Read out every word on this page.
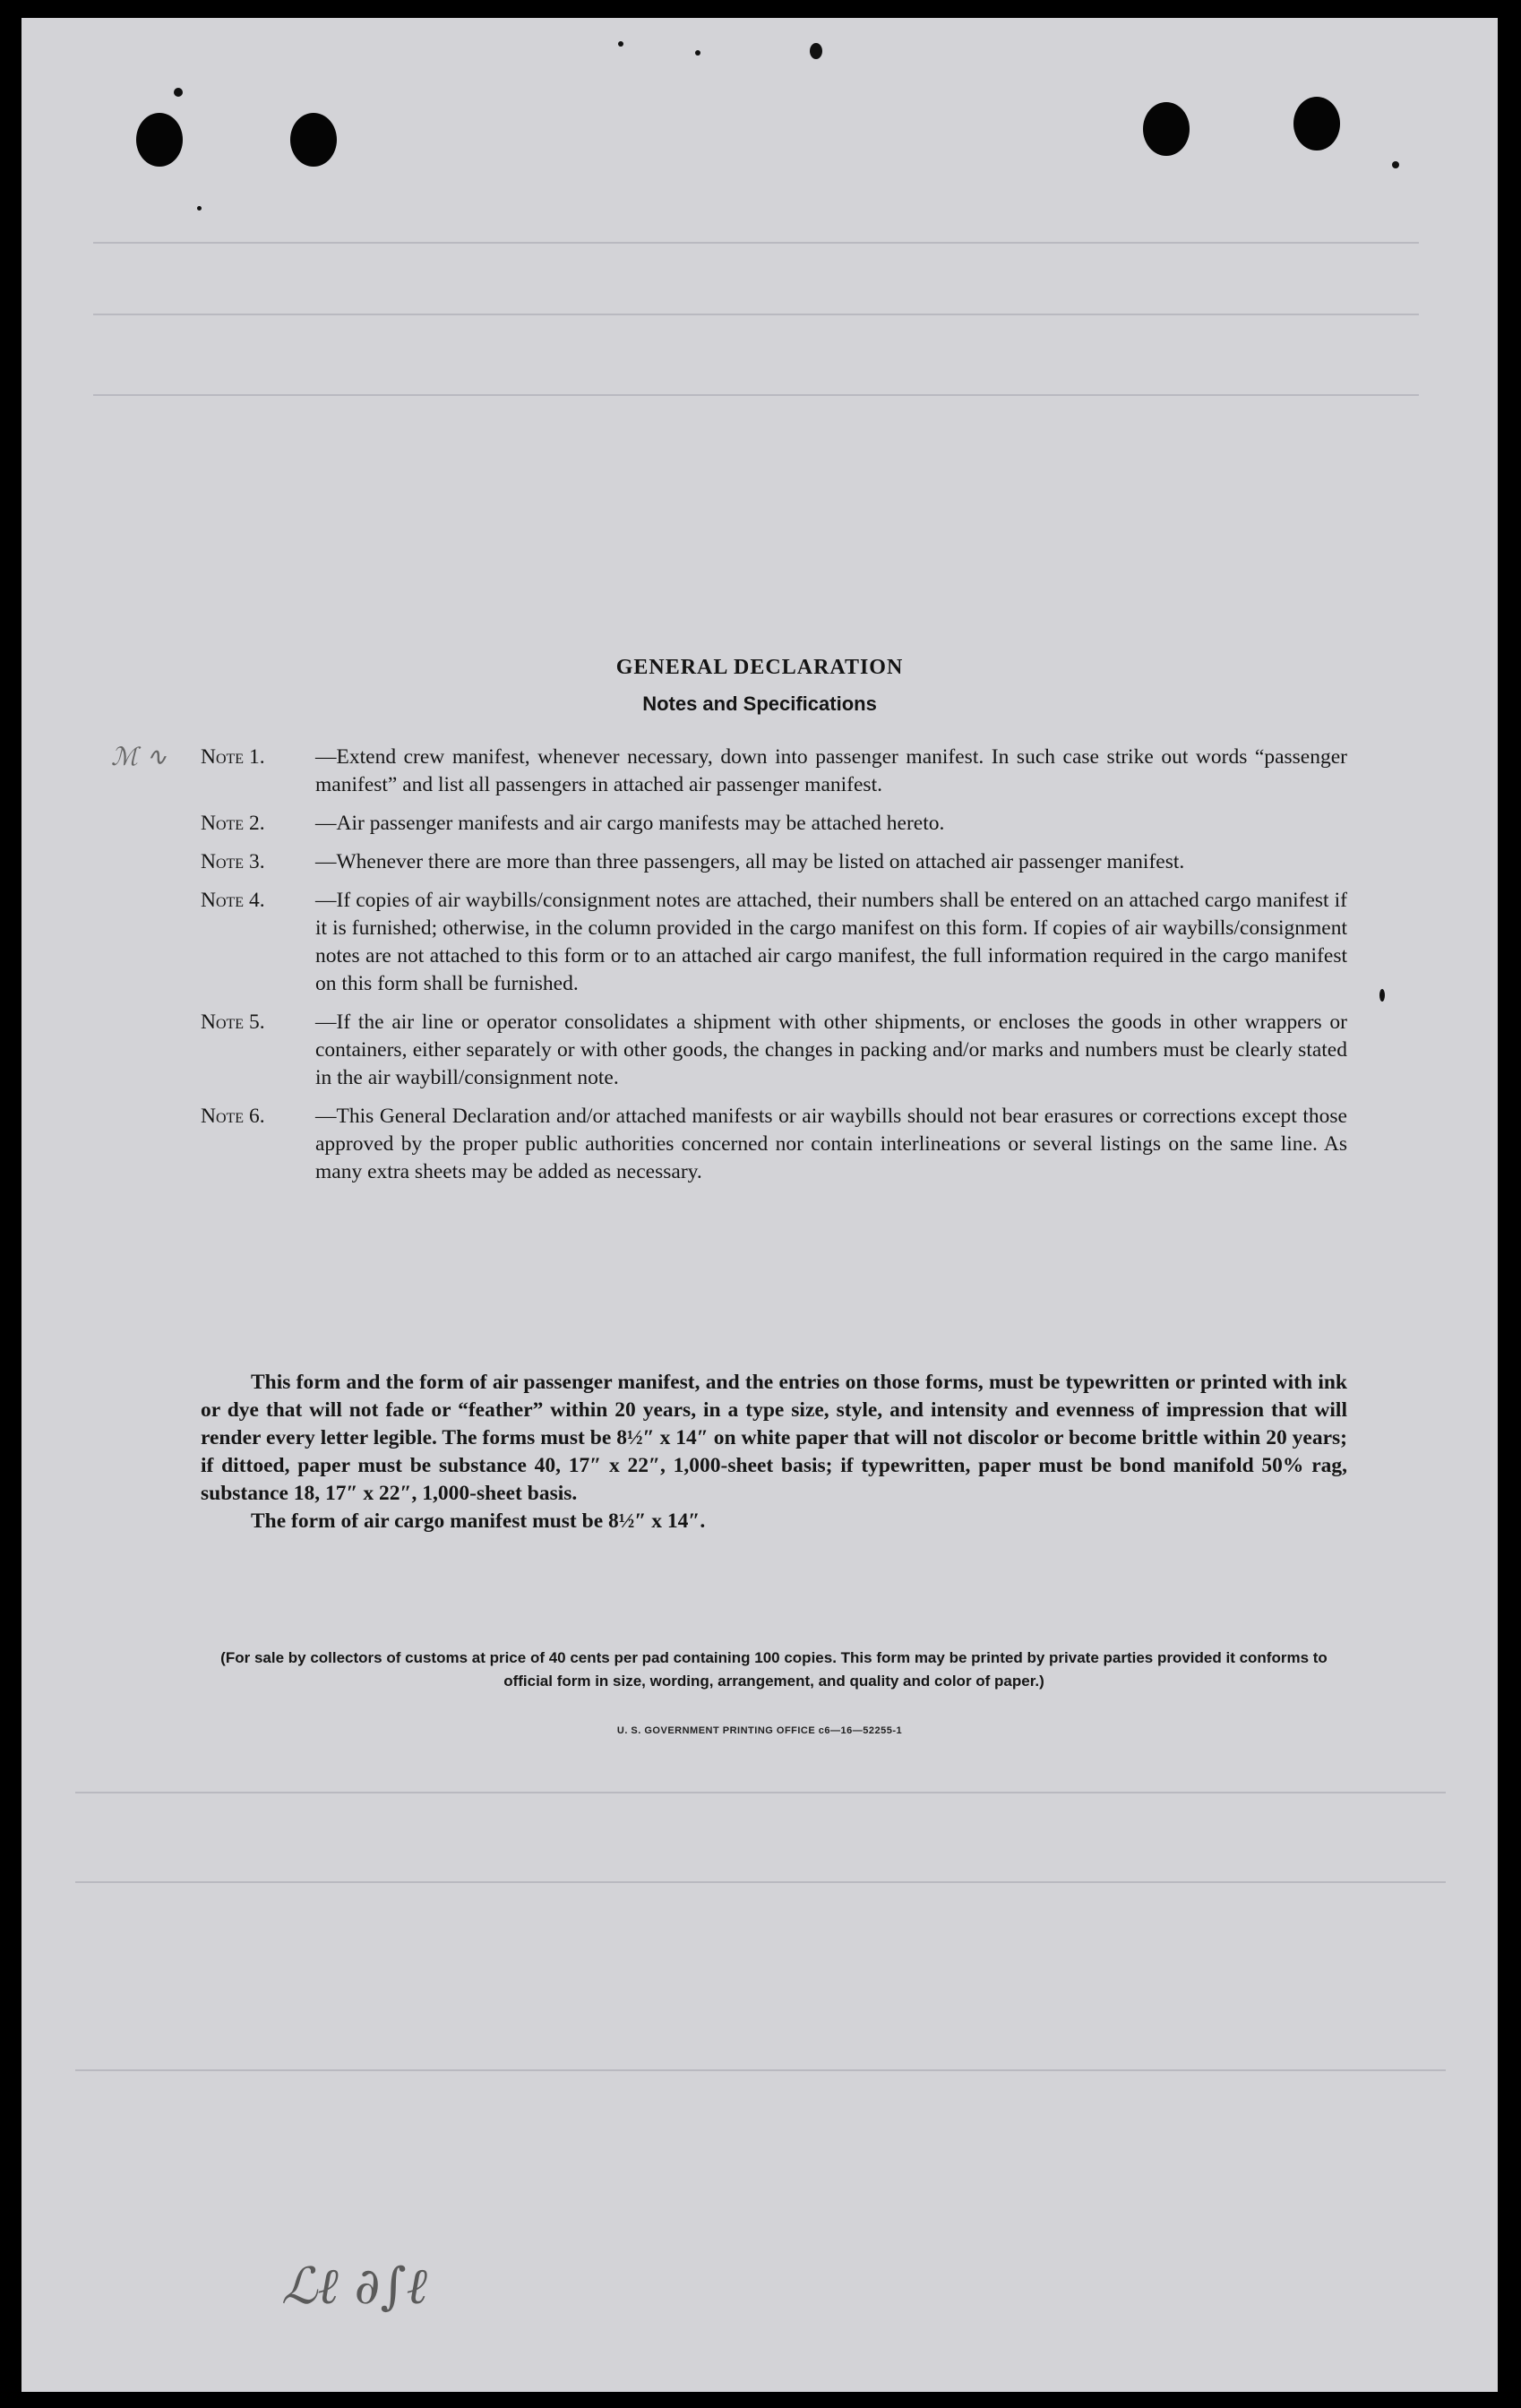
GENERAL DECLARATION
Notes and Specifications
Note 1. —Extend crew manifest, whenever necessary, down into passenger manifest. In such case strike out words “passenger manifest” and list all passengers in attached air passenger manifest.
Note 2. —Air passenger manifests and air cargo manifests may be attached hereto.
Note 3. —Whenever there are more than three passengers, all may be listed on attached air passenger manifest.
Note 4. —If copies of air waybills/consignment notes are attached, their numbers shall be entered on an attached cargo manifest if it is furnished; otherwise, in the column provided in the cargo manifest on this form. If copies of air waybills/consignment notes are not attached to this form or to an attached air cargo manifest, the full information required in the cargo manifest on this form shall be furnished.
Note 5. —If the air line or operator consolidates a shipment with other shipments, or encloses the goods in other wrappers or containers, either separately or with other goods, the changes in packing and/or marks and numbers must be clearly stated in the air waybill/consignment note.
Note 6. —This General Declaration and/or attached manifests or air waybills should not bear erasures or corrections except those approved by the proper public authorities concerned nor contain interlineations or several listings on the same line. As many extra sheets may be added as necessary.

This form and the form of air passenger manifest, and the entries on those forms, must be typewritten or printed with ink or dye that will not fade or “feather” within 20 years, in a type size, style, and intensity and evenness of impression that will render every letter legible. The forms must be 8½″ x 14″ on white paper that will not discolor or become brittle within 20 years; if dittoed, paper must be substance 40, 17″ x 22″, 1,000-sheet basis; if typewritten, paper must be bond manifold 50% rag, substance 18, 17″ x 22″, 1,000-sheet basis.

The form of air cargo manifest must be 8½″ x 14″.

(For sale by collectors of customs at price of 40 cents per pad containing 100 copies. This form may be printed by private parties provided it conforms to official form in size, wording, arrangement, and quality and color of paper.)
U. S. GOVERNMENT PRINTING OFFICE c6—16—52255-1
ℳ ∿
ℒℓ ∂∫ℓ
